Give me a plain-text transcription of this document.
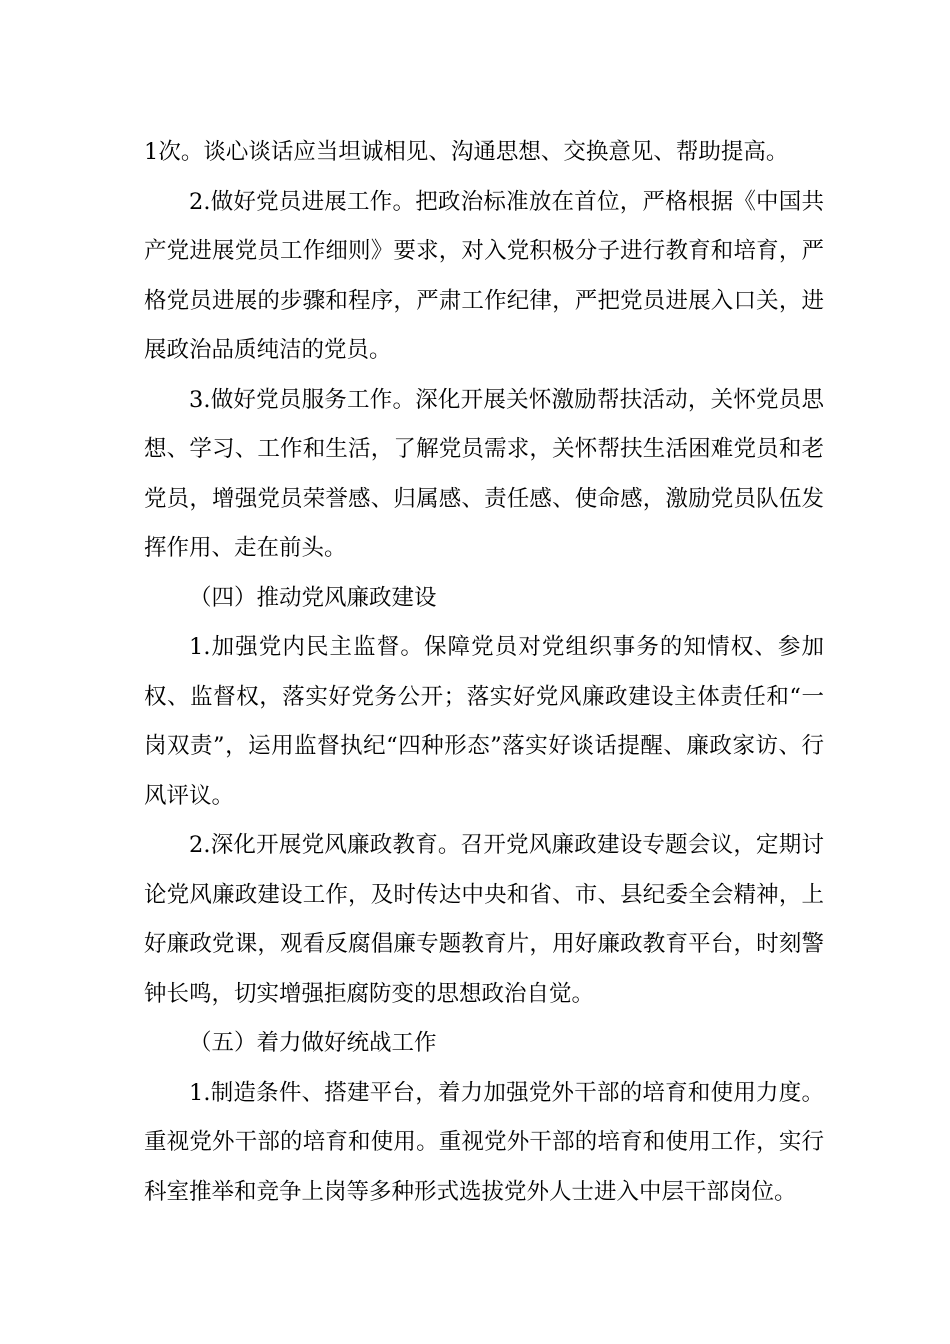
1次。谈心谈话应当坦诚相见、沟通思想、交换意见、帮助提高。

2.做好党员进展工作。把政治标准放在首位，严格根据《中国共产党进展党员工作细则》要求，对入党积极分子进行教育和培育，严格党员进展的步骤和程序，严肃工作纪律，严把党员进展入口关，进展政治品质纯洁的党员。

3.做好党员服务工作。深化开展关怀激励帮扶活动，关怀党员思想、学习、工作和生活，了解党员需求，关怀帮扶生活困难党员和老党员，增强党员荣誉感、归属感、责任感、使命感，激励党员队伍发挥作用、走在前头。

（四）推动党风廉政建设

1.加强党内民主监督。保障党员对党组织事务的知情权、参加权、监督权，落实好党务公开；落实好党风廉政建设主体责任和“一岗双责”，运用监督执纪“四种形态”落实好谈话提醒、廉政家访、行风评议。

2.深化开展党风廉政教育。召开党风廉政建设专题会议，定期讨论党风廉政建设工作，及时传达中央和省、市、县纪委全会精神，上好廉政党课，观看反腐倡廉专题教育片，用好廉政教育平台，时刻警钟长鸣，切实增强拒腐防变的思想政治自觉。

（五）着力做好统战工作

1.制造条件、搭建平台，着力加强党外干部的培育和使用力度。重视党外干部的培育和使用。重视党外干部的培育和使用工作，实行科室推举和竞争上岗等多种形式选拔党外人士进入中层干部岗位。
